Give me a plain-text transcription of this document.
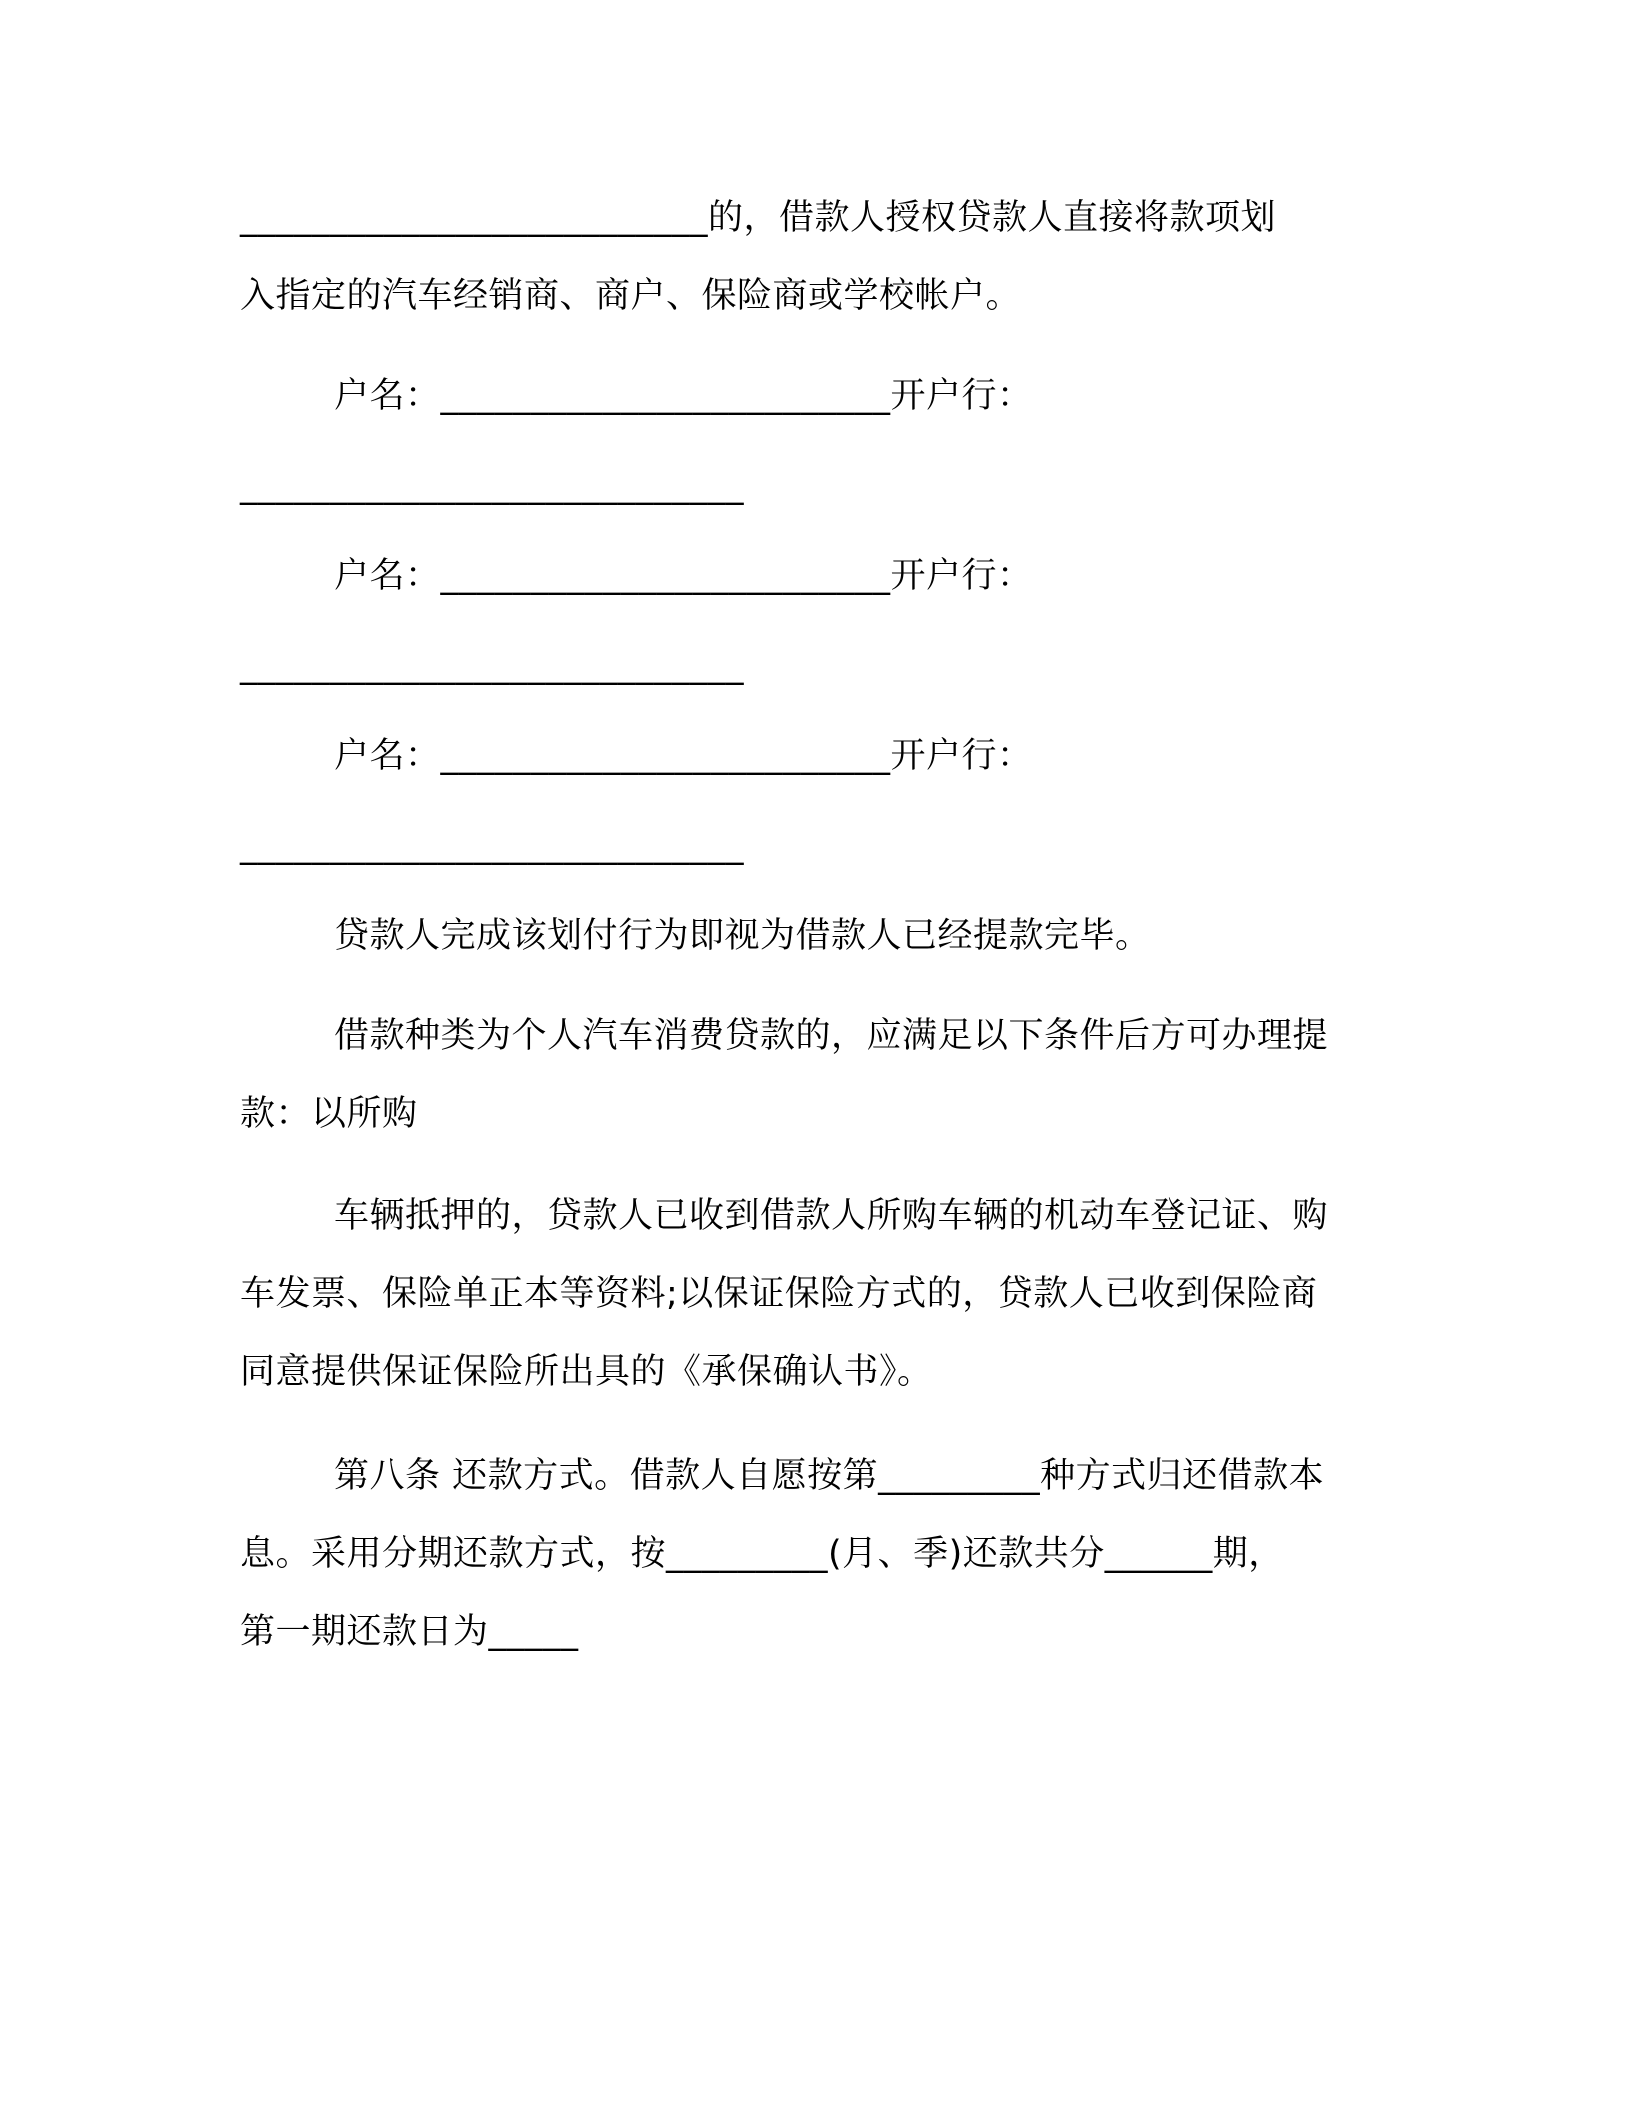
__________________________的，借款人授权贷款人直接将款项划
入指定的汽车经销商、商户、保险商或学校帐户。
户名：_________________________开户行：
____________________________
户名：_________________________开户行：
____________________________
户名：_________________________开户行：
____________________________
贷款人完成该划付行为即视为借款人已经提款完毕。
借款种类为个人汽车消费贷款的，应满足以下条件后方可办理提
款：以所购
车辆抵押的，贷款人已收到借款人所购车辆的机动车登记证、购
车发票、保险单正本等资料;以保证保险方式的，贷款人已收到保险商
同意提供保证保险所出具的《承保确认书》。
第八条 还款方式。借款人自愿按第_________种方式归还借款本
息。采用分期还款方式，按_________(月、季)还款共分______期，
第一期还款日为_____
